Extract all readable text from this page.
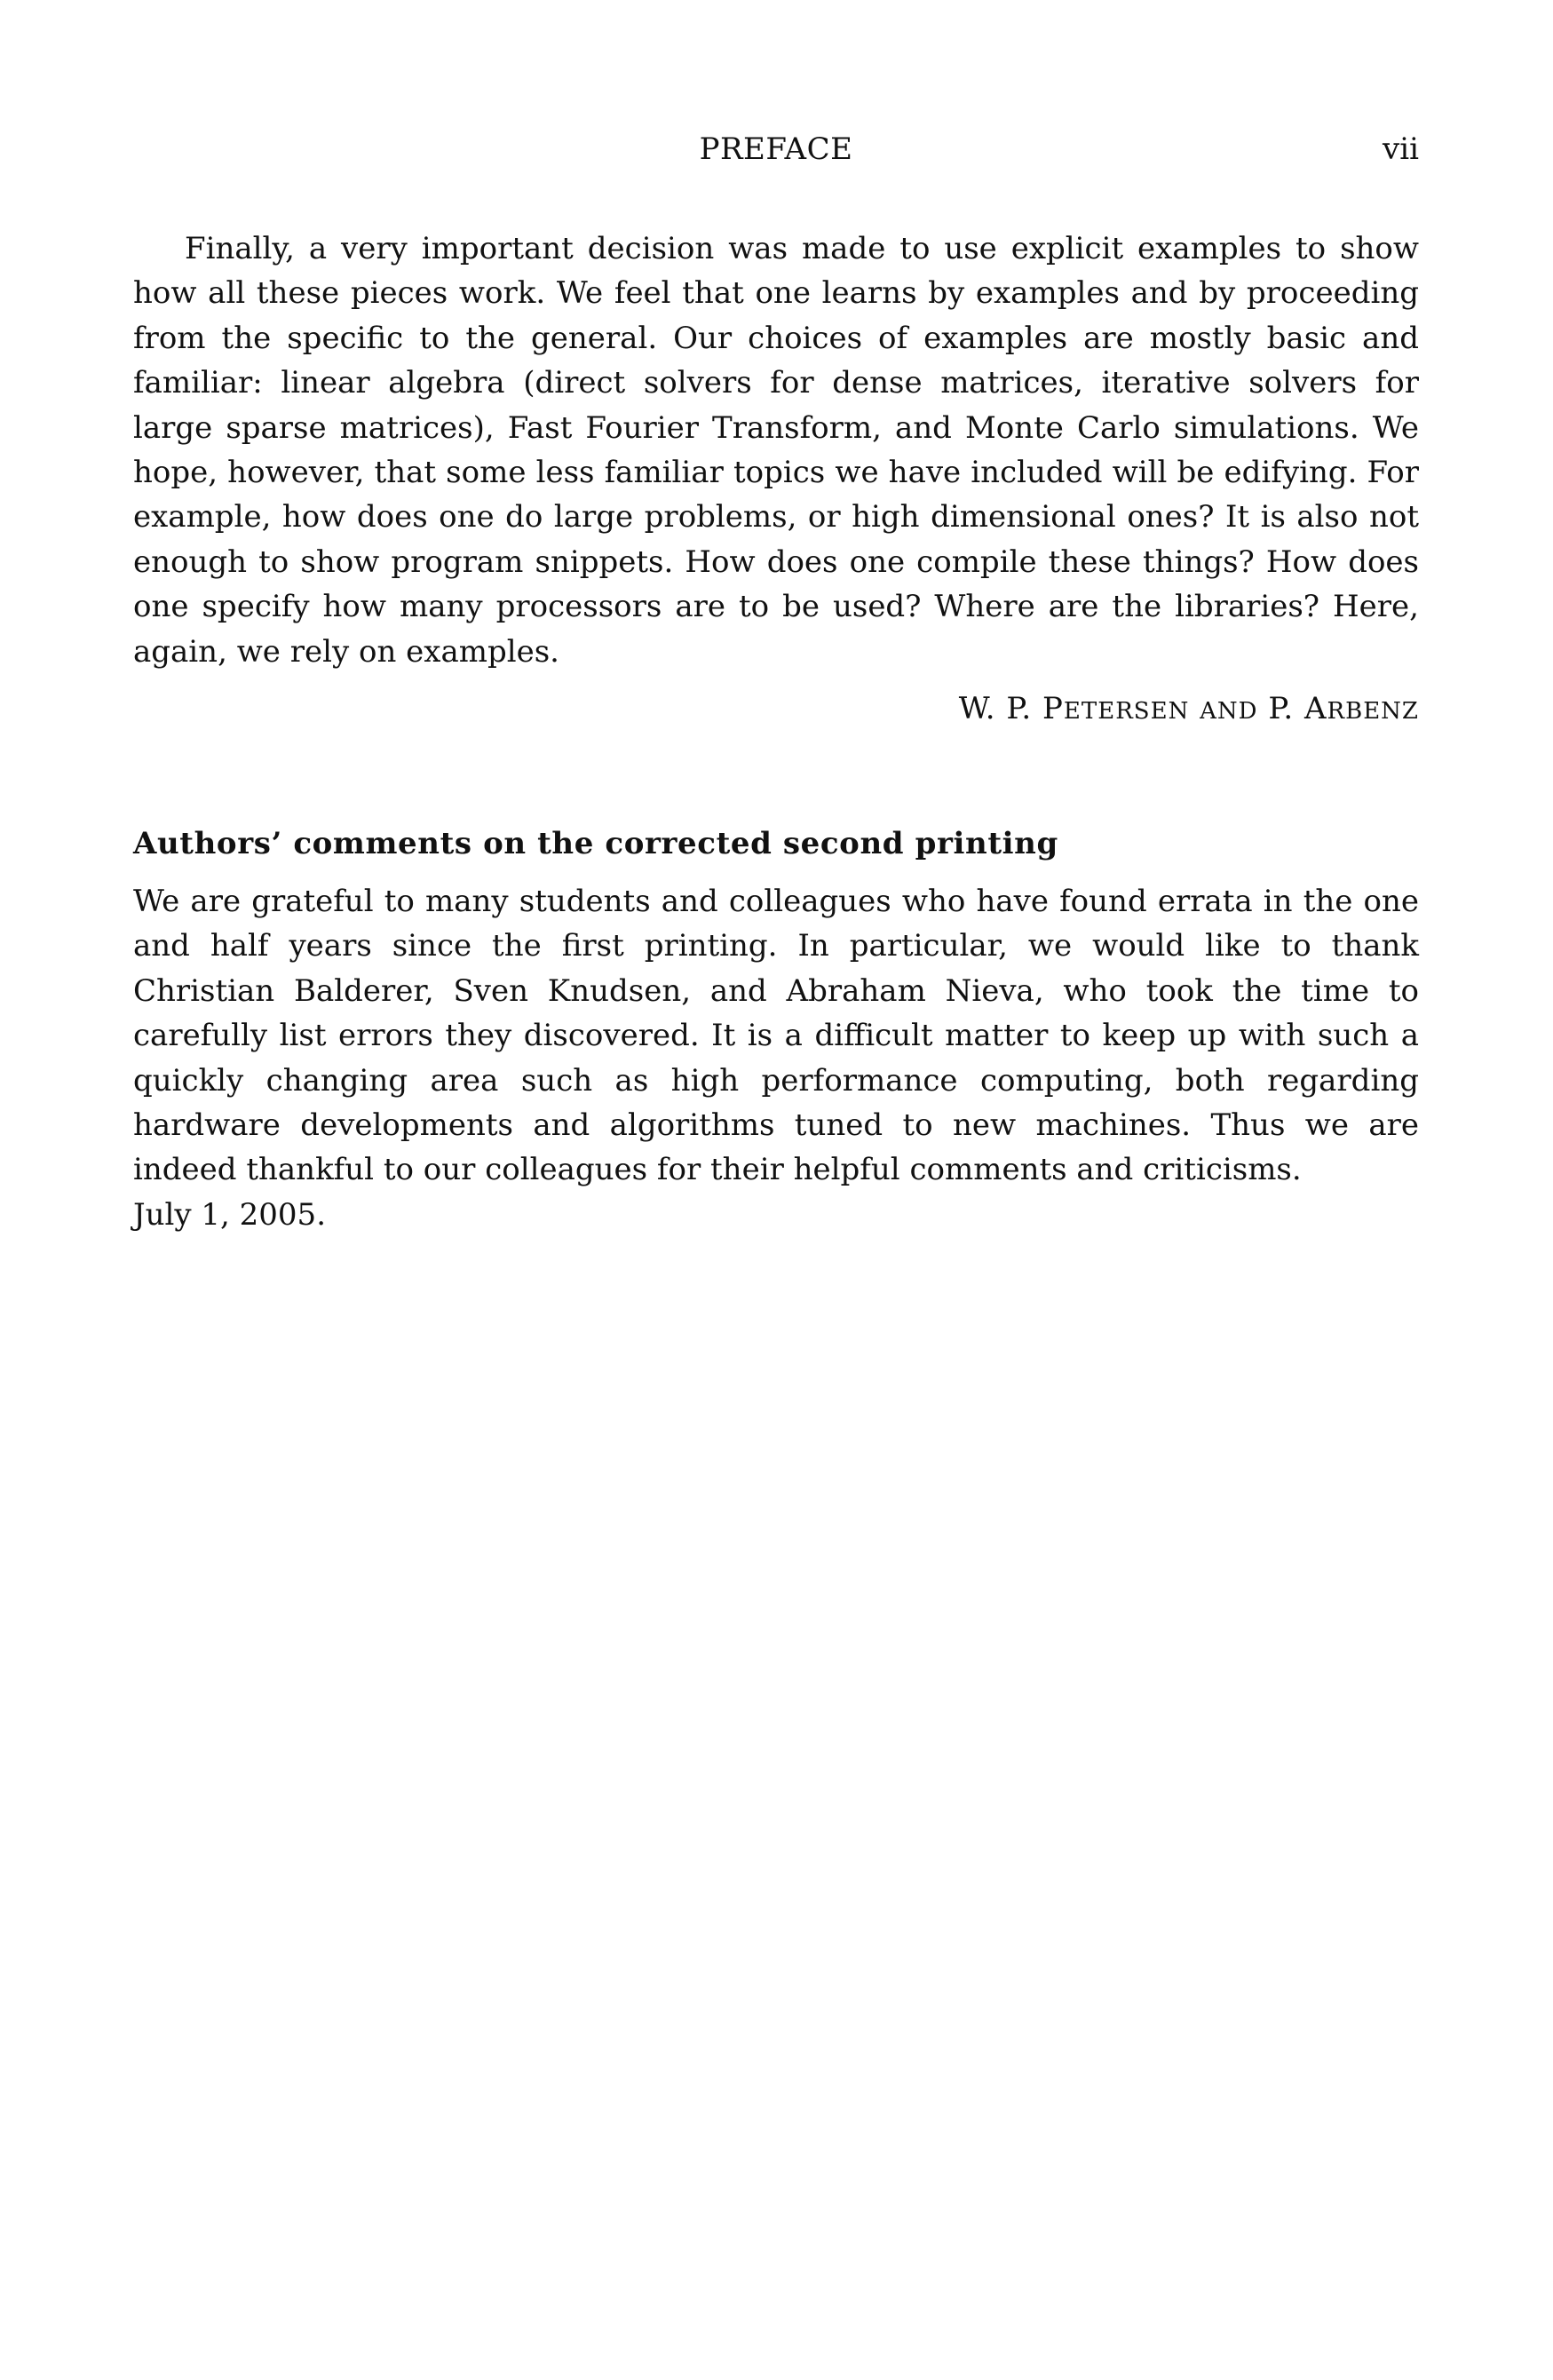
PREFACE	vii

Finally, a very important decision was made to use explicit examples to show how all these pieces work. We feel that one learns by examples and by proceeding from the specific to the general. Our choices of examples are mostly basic and familiar: linear algebra (direct solvers for dense matrices, iterative solvers for large sparse matrices), Fast Fourier Transform, and Monte Carlo simulations. We hope, however, that some less familiar topics we have included will be edifying. For example, how does one do large problems, or high dimensional ones? It is also not enough to show program snippets. How does one compile these things? How does one specify how many processors are to be used? Where are the libraries? Here, again, we rely on examples.

W. P. PETERSEN AND P. ARBENZ
Authors’ comments on the corrected second printing

We are grateful to many students and colleagues who have found errata in the one and half years since the first printing. In particular, we would like to thank Christian Balderer, Sven Knudsen, and Abraham Nieva, who took the time to carefully list errors they discovered. It is a difficult matter to keep up with such a quickly changing area such as high performance computing, both regarding hardware developments and algorithms tuned to new machines. Thus we are indeed thankful to our colleagues for their helpful comments and criticisms.

July 1, 2005.
